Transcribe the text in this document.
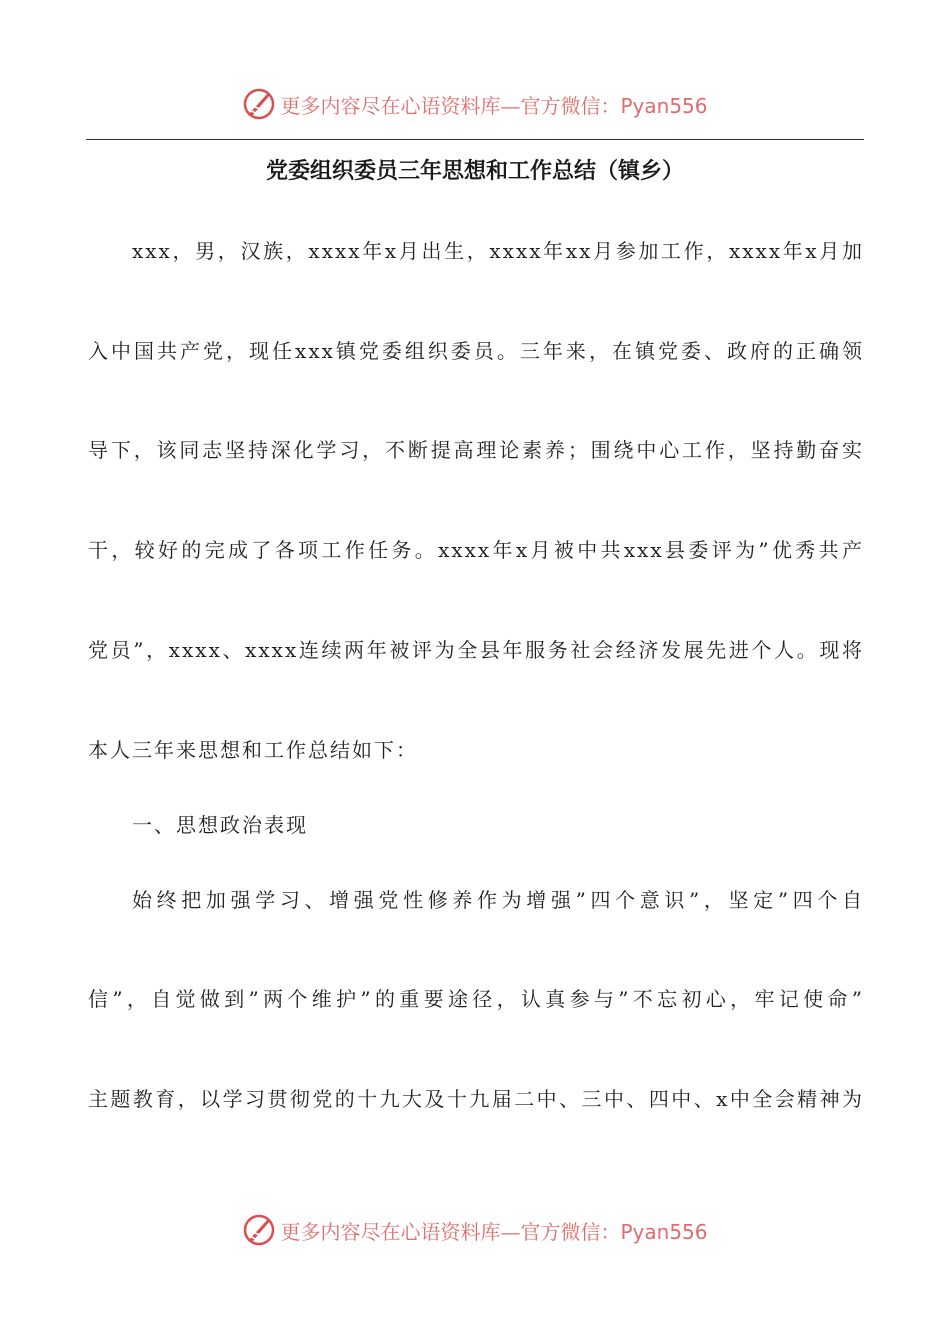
更多内容尽在心语资料库—官方微信：Pyan556
党委组织委员三年思想和工作总结（镇乡）
xxx，男，汉族，xxxx年x月出生，xxxx年xx月参加工作，xxxx年x月加
入中国共产党，现任xxx镇党委组织委员。三年来，在镇党委、政府的正确领
导下，该同志坚持深化学习，不断提高理论素养；围绕中心工作，坚持勤奋实
干，较好的完成了各项工作任务。xxxx年x月被中共xxx县委评为”优秀共产
党员”，xxxx、xxxx连续两年被评为全县年服务社会经济发展先进个人。现将
本人三年来思想和工作总结如下：
一、思想政治表现
始终把加强学习、增强党性修养作为增强”四个意识”，坚定”四个自
信”，自觉做到”两个维护”的重要途径，认真参与”不忘初心，牢记使命”
主题教育，以学习贯彻党的十九大及十九届二中、三中、四中、x中全会精神为
更多内容尽在心语资料库—官方微信：Pyan556
